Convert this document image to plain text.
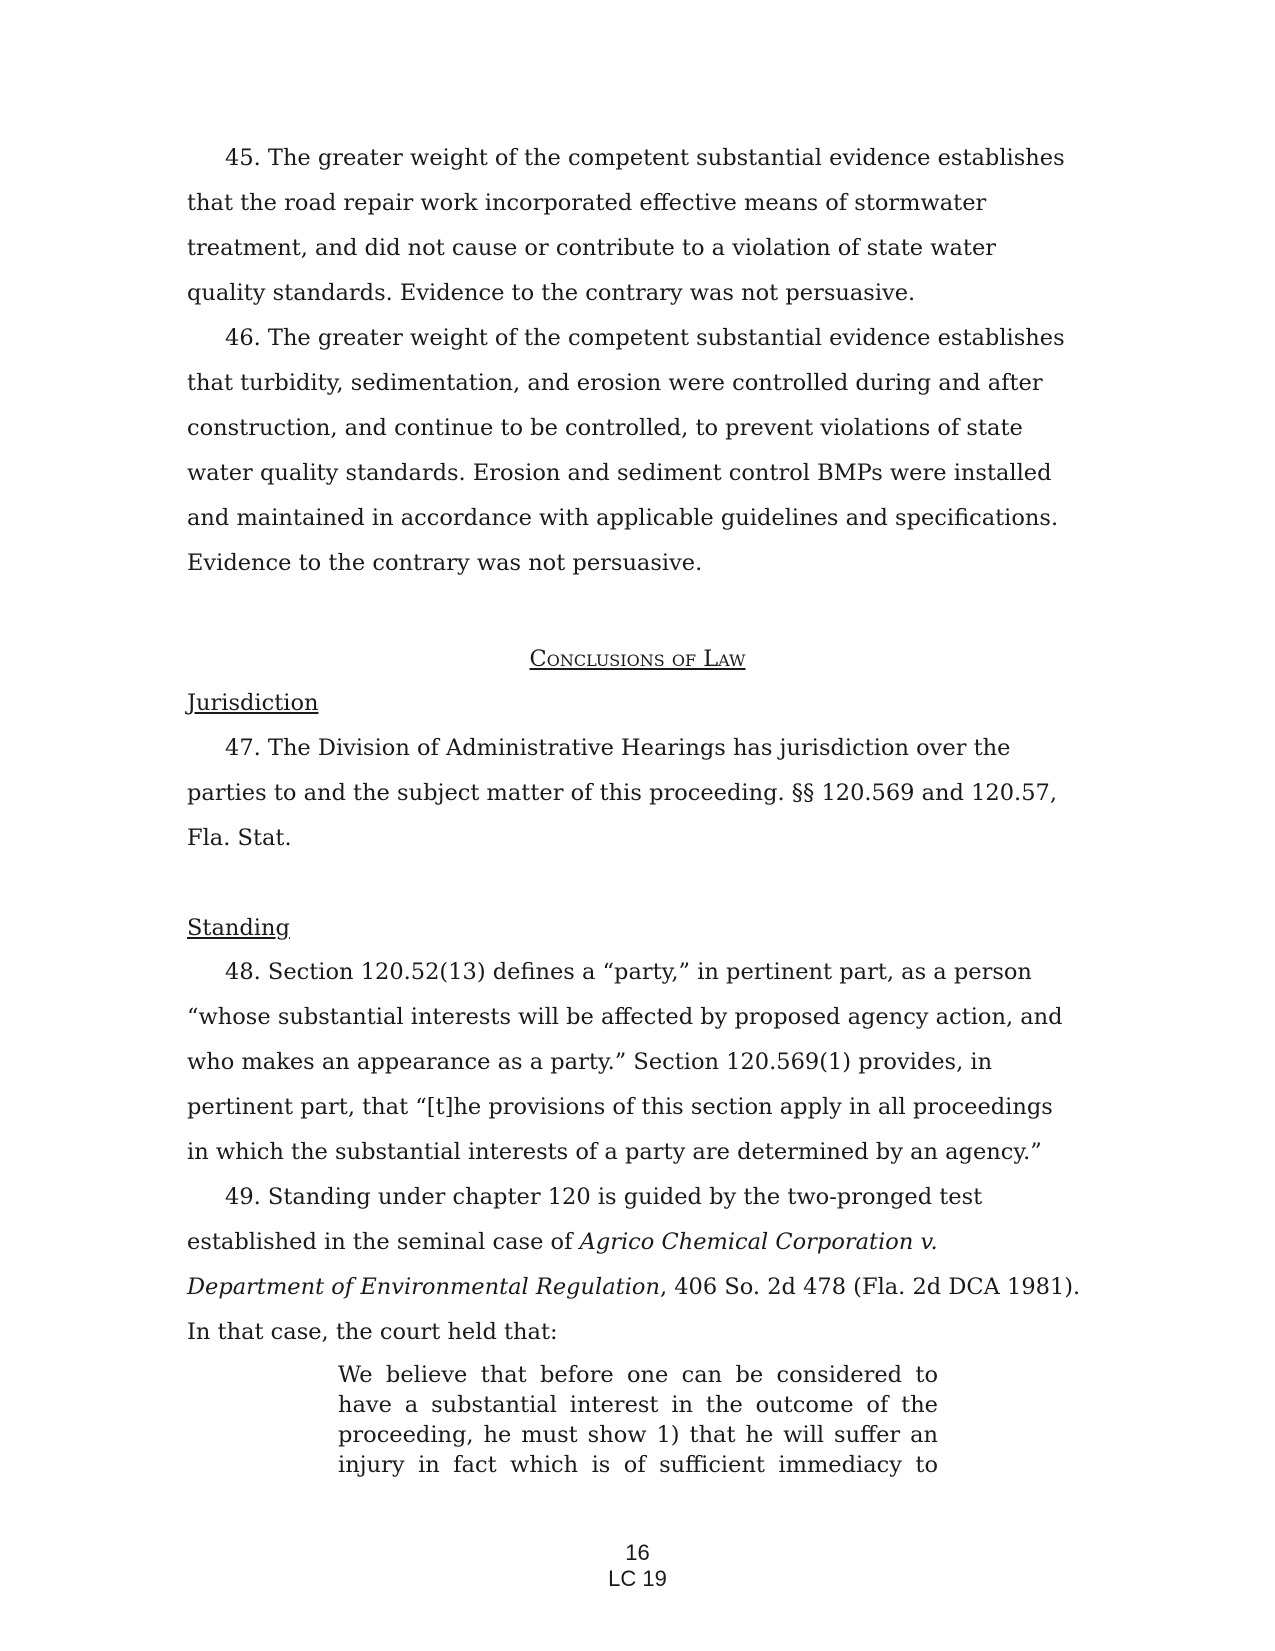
45. The greater weight of the competent substantial evidence establishes
that the road repair work incorporated effective means of stormwater
treatment, and did not cause or contribute to a violation of state water
quality standards. Evidence to the contrary was not persuasive.
46. The greater weight of the competent substantial evidence establishes
that turbidity, sedimentation, and erosion were controlled during and after
construction, and continue to be controlled, to prevent violations of state
water quality standards. Erosion and sediment control BMPs were installed
and maintained in accordance with applicable guidelines and specifications.
Evidence to the contrary was not persuasive.
Conclusions of Law
Jurisdiction
47. The Division of Administrative Hearings has jurisdiction over the
parties to and the subject matter of this proceeding. §§ 120.569 and 120.57,
Fla. Stat.
Standing
48. Section 120.52(13) defines a “party,” in pertinent part, as a person
“whose substantial interests will be affected by proposed agency action, and
who makes an appearance as a party.” Section 120.569(1) provides, in
pertinent part, that “[t]he provisions of this section apply in all proceedings
in which the substantial interests of a party are determined by an agency.”
49. Standing under chapter 120 is guided by the two-pronged test
established in the seminal case of Agrico Chemical Corporation v.
Department of Environmental Regulation, 406 So. 2d 478 (Fla. 2d DCA 1981).
In that case, the court held that:
We believe that before one can be considered to
have a substantial interest in the outcome of the
proceeding, he must show 1) that he will suffer an
injury in fact which is of sufficient immediacy to
16
LC 19
